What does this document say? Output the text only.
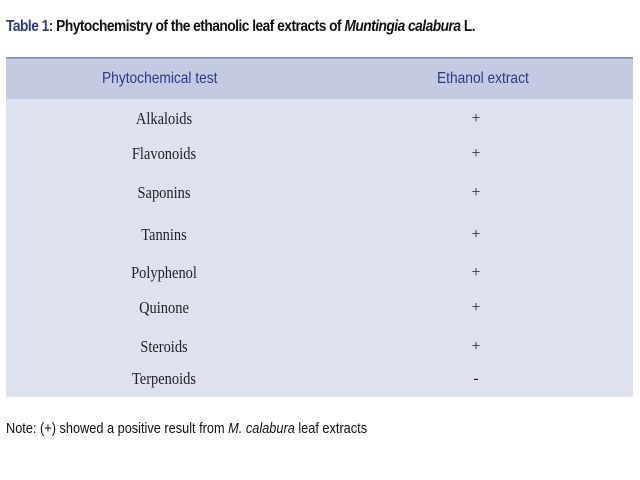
Table 1: Phytochemistry of the ethanolic leaf extracts of Muntingia calabura L.
Phytochemical test	Ethanol extract
Alkaloids	+
Flavonoids	+
Saponins	+
Tannins	+
Polyphenol	+
Quinone	+
Steroids	+
Terpenoids	-
Note: (+) showed a positive result from M. calabura leaf extracts
